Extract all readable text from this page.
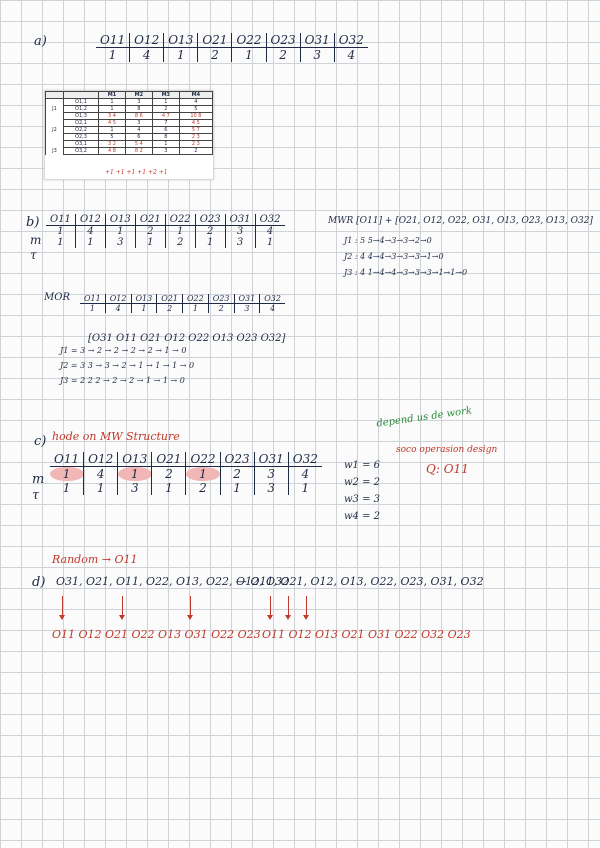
a)	O11	O12	O13	O21	O22	O23	O31	O32
1	4	1	2	1	2	3	4
		M1	M2	M3	M4
	O1,1	1	3	1	4
J1	O1,2	1	8	2	5
	O1,3	3 4	8 6	4 7	10 8
	O2,1	4 5	3	7	4 5
J2	O2,2	1	4	6	5 7
	O2,3	5	6	8	2 3
	O3,1	3 2	5 4	1	2 3
J3	O3,2	4 8	8 2	3	2
+1 +1 +1 +1 +2 +1
b)
m
τ
O11	O12	O13	O21	O22	O23	O31	O32
1	4	1	2	1	2	3	4
1	1	3	1	2	1	3	1
MWR [O11] + [O21, O12, O22, O31, O13, O23, O13, O32]
J1 : 5 5→4→3→3→2→0
J2 : 4 4→4→3→3→3→1→0
J3 : 4 1→4→4→3→3→3→1→1→0
MOR O11	O12	O13	O21	O22	O23	O31	O32
1	4	1	2	1	2	3	4
[O31 O11 O21 O12 O22 O13 O23 O32]
J1 = 3 → 2 → 2 → 2 → 2 → 1 → 0
J2 = 3 3 → 3 → 2 → 1 → 1 → 1 → 0
J3 = 2 2 2 → 2 → 2 → 1 → 1 → 0
c) hode on MW Structure
m
τ
O11	O12	O13	O21	O22	O23	O31	O32
1	4	1	2	1	2	3	4
1	1	3	1	2	1	3	1
depend us de work
soco operasion design
w1 = 6
w2 = 2
w3 = 3
w4 = 2
Q: O11
Random → O11
d) O31, O21, O11, O22, O13, O22, O12, O32
— O11, O21, O12, O13, O22, O23, O31, O32
O11 O12 O21 O22 O13 O31 O22 O23 O11 O12 O13 O21 O31 O22 O32 O23
